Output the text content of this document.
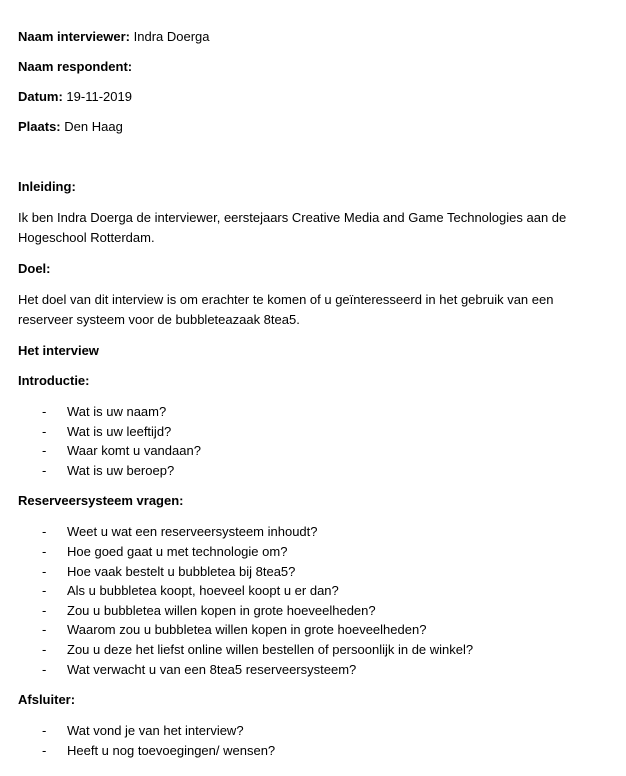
Naam interviewer: Indra Doerga

Naam respondent:

Datum: 19-11-2019

Plaats: Den Haag

Inleiding:

Ik ben Indra Doerga de interviewer, eerstejaars Creative Media and Game Technologies aan de Hogeschool Rotterdam.

Doel:

Het doel van dit interview is om erachter te komen of u geïnteresseerd in het gebruik van een reserveer systeem voor de bubbleteazaak 8tea5.

Het interview

Introductie:

- Wat is uw naam?
- Wat is uw leeftijd?
- Waar komt u vandaan?
- Wat is uw beroep?

Reserveersysteem vragen:

- Weet u wat een reserveersysteem inhoudt?
- Hoe goed gaat u met technologie om?
- Hoe vaak bestelt u bubbletea bij 8tea5?
- Als u bubbletea koopt, hoeveel koopt u er dan?
- Zou u bubbletea willen kopen in grote hoeveelheden?
- Waarom zou u bubbletea willen kopen in grote hoeveelheden?
- Zou u deze het liefst online willen bestellen of persoonlijk in de winkel?
- Wat verwacht u van een 8tea5 reserveersysteem?

Afsluiter:

- Wat vond je van het interview?
- Heeft u nog toevoegingen/ wensen?
